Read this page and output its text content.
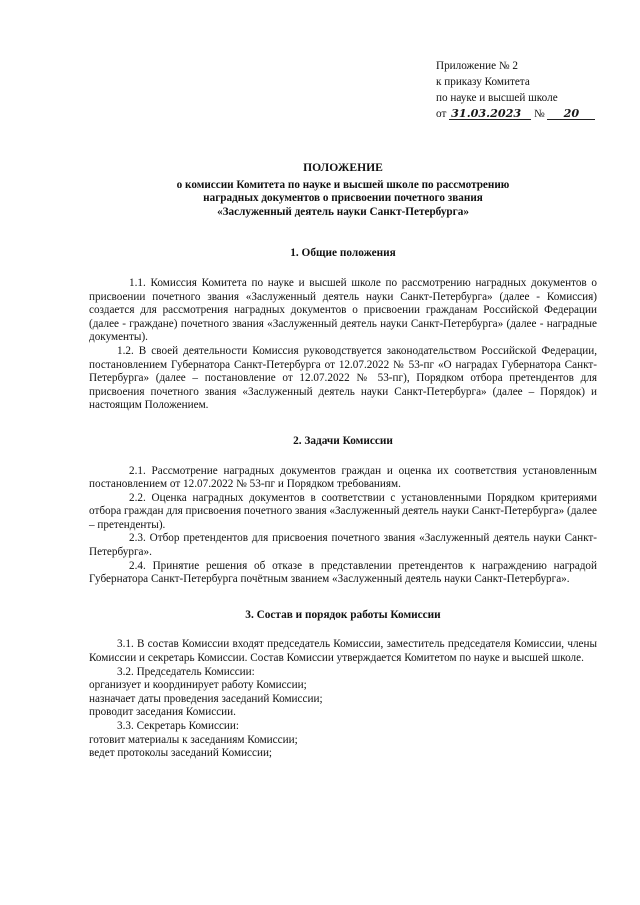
Приложение № 2
к приказу Комитета
по науке и высшей школе
от 31.03.2023 № 20
ПОЛОЖЕНИЕ
о комиссии Комитета по науке и высшей школе по рассмотрению
наградных документов о присвоении почетного звания
«Заслуженный деятель науки Санкт-Петербурга»
1. Общие положения

1.1. Комиссия Комитета по науке и высшей школе по рассмотрению наградных документов о присвоении почетного звания «Заслуженный деятель науки Санкт-Петербурга» (далее - Комиссия) создается для рассмотрения наградных документов о присвоении гражданам Российской Федерации (далее - граждане) почетного звания «Заслуженный деятель науки Санкт-Петербурга» (далее - наградные документы).

1.2. В своей деятельности Комиссия руководствуется законодательством Российской Федерации, постановлением Губернатора Санкт-Петербурга от 12.07.2022 № 53-пг «О наградах Губернатора Санкт-Петербурга» (далее – постановление от 12.07.2022 № 53-пг), Порядком отбора претендентов для присвоения почетного звания «Заслуженный деятель науки Санкт-Петербурга» (далее – Порядок) и настоящим Положением.

2. Задачи Комиссии

2.1. Рассмотрение наградных документов граждан и оценка их соответствия установленным постановлением от 12.07.2022 № 53-пг и Порядком требованиям.

2.2. Оценка наградных документов в соответствии с установленными Порядком критериями отбора граждан для присвоения почетного звания «Заслуженный деятель науки Санкт-Петербурга» (далее – претенденты).

2.3. Отбор претендентов для присвоения почетного звания «Заслуженный деятель науки Санкт-Петербурга».

2.4. Принятие решения об отказе в представлении претендентов к награждению наградой Губернатора Санкт-Петербурга почётным званием «Заслуженный деятель науки Санкт-Петербурга».

3. Состав и порядок работы Комиссии

3.1. В состав Комиссии входят председатель Комиссии, заместитель председателя Комиссии, члены Комиссии и секретарь Комиссии. Состав Комиссии утверждается Комитетом по науке и высшей школе.

3.2. Председатель Комиссии:

организует и координирует работу Комиссии;

назначает даты проведения заседаний Комиссии;

проводит заседания Комиссии.

3.3. Секретарь Комиссии:

готовит материалы к заседаниям Комиссии;

ведет протоколы заседаний Комиссии;
